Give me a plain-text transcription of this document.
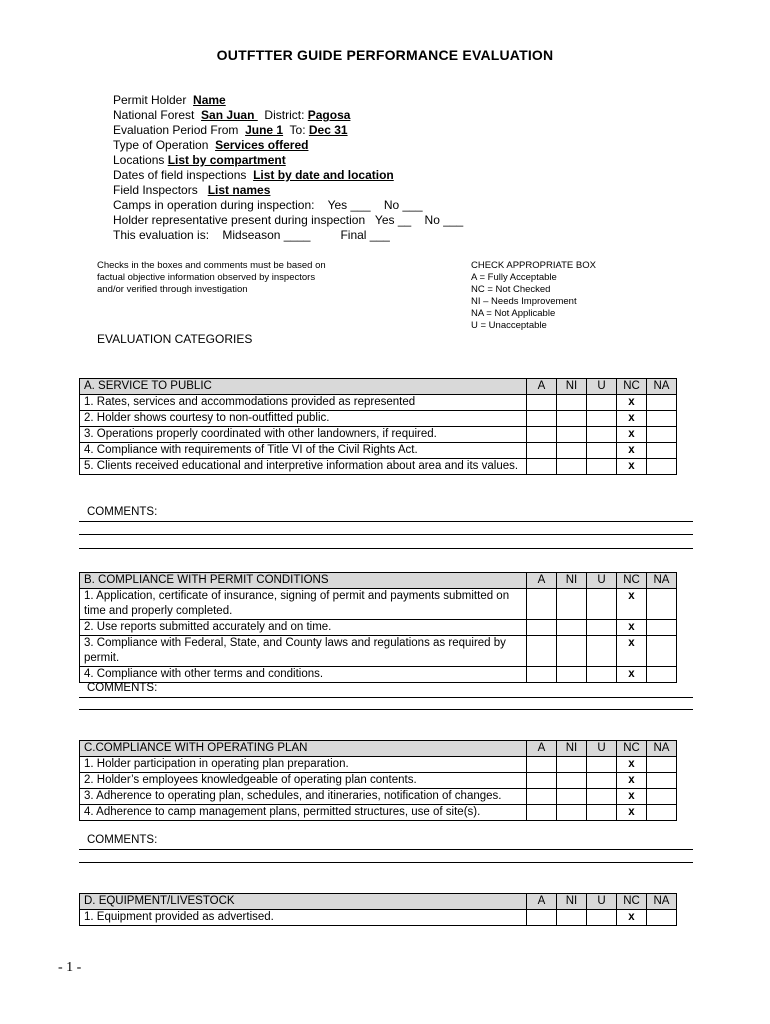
OUTFTTER GUIDE PERFORMANCE EVALUATION
Permit Holder  Name
National Forest  San Juan   District: Pagosa
Evaluation Period From  June 1  To: Dec 31
Type of Operation  Services offered
Locations List by compartment
Dates of field inspections  List by date and location
Field Inspectors   List names
Camps in operation during inspection:    Yes ___    No ___
Holder representative present during inspection   Yes __    No ___
This evaluation is:    Midseason ____         Final ___
Checks in the boxes and comments must be based on factual objective information observed by inspectors and/or verified through investigation
CHECK APPROPRIATE BOX
A = Fully Acceptable
NC = Not Checked
NI – Needs Improvement
NA = Not Applicable
U = Unacceptable
EVALUATION CATEGORIES
A. SERVICE TO PUBLIC	A	NI	U	NC	NA
1. Rates, services and accommodations provided as represented				x	
2. Holder shows courtesy to non-outfitted public.				x	
3. Operations properly coordinated with other landowners, if required.				x	
4. Compliance with requirements of Title VI of the Civil Rights Act.				x	
5. Clients received educational and interpretive information about area and its values.				x	
COMMENTS:
B. COMPLIANCE WITH PERMIT CONDITIONS	A	NI	U	NC	NA
1. Application, certificate of insurance, signing of permit and payments submitted on time and properly completed.				x	
2. Use reports submitted accurately and on time.				x	
3. Compliance with Federal, State, and County laws and regulations as required by permit.				x	
4. Compliance with other terms and conditions.				x	
COMMENTS:
C.COMPLIANCE WITH OPERATING PLAN	A	NI	U	NC	NA
1. Holder participation in operating plan preparation.				x	
2. Holder’s employees knowledgeable of operating plan contents.				x	
3. Adherence to operating plan, schedules, and itineraries, notification of changes.				x	
4. Adherence to camp management plans, permitted structures, use of site(s).				x	
COMMENTS:
D. EQUIPMENT/LIVESTOCK	A	NI	U	NC	NA
1. Equipment provided as advertised.				x	
- 1 -
